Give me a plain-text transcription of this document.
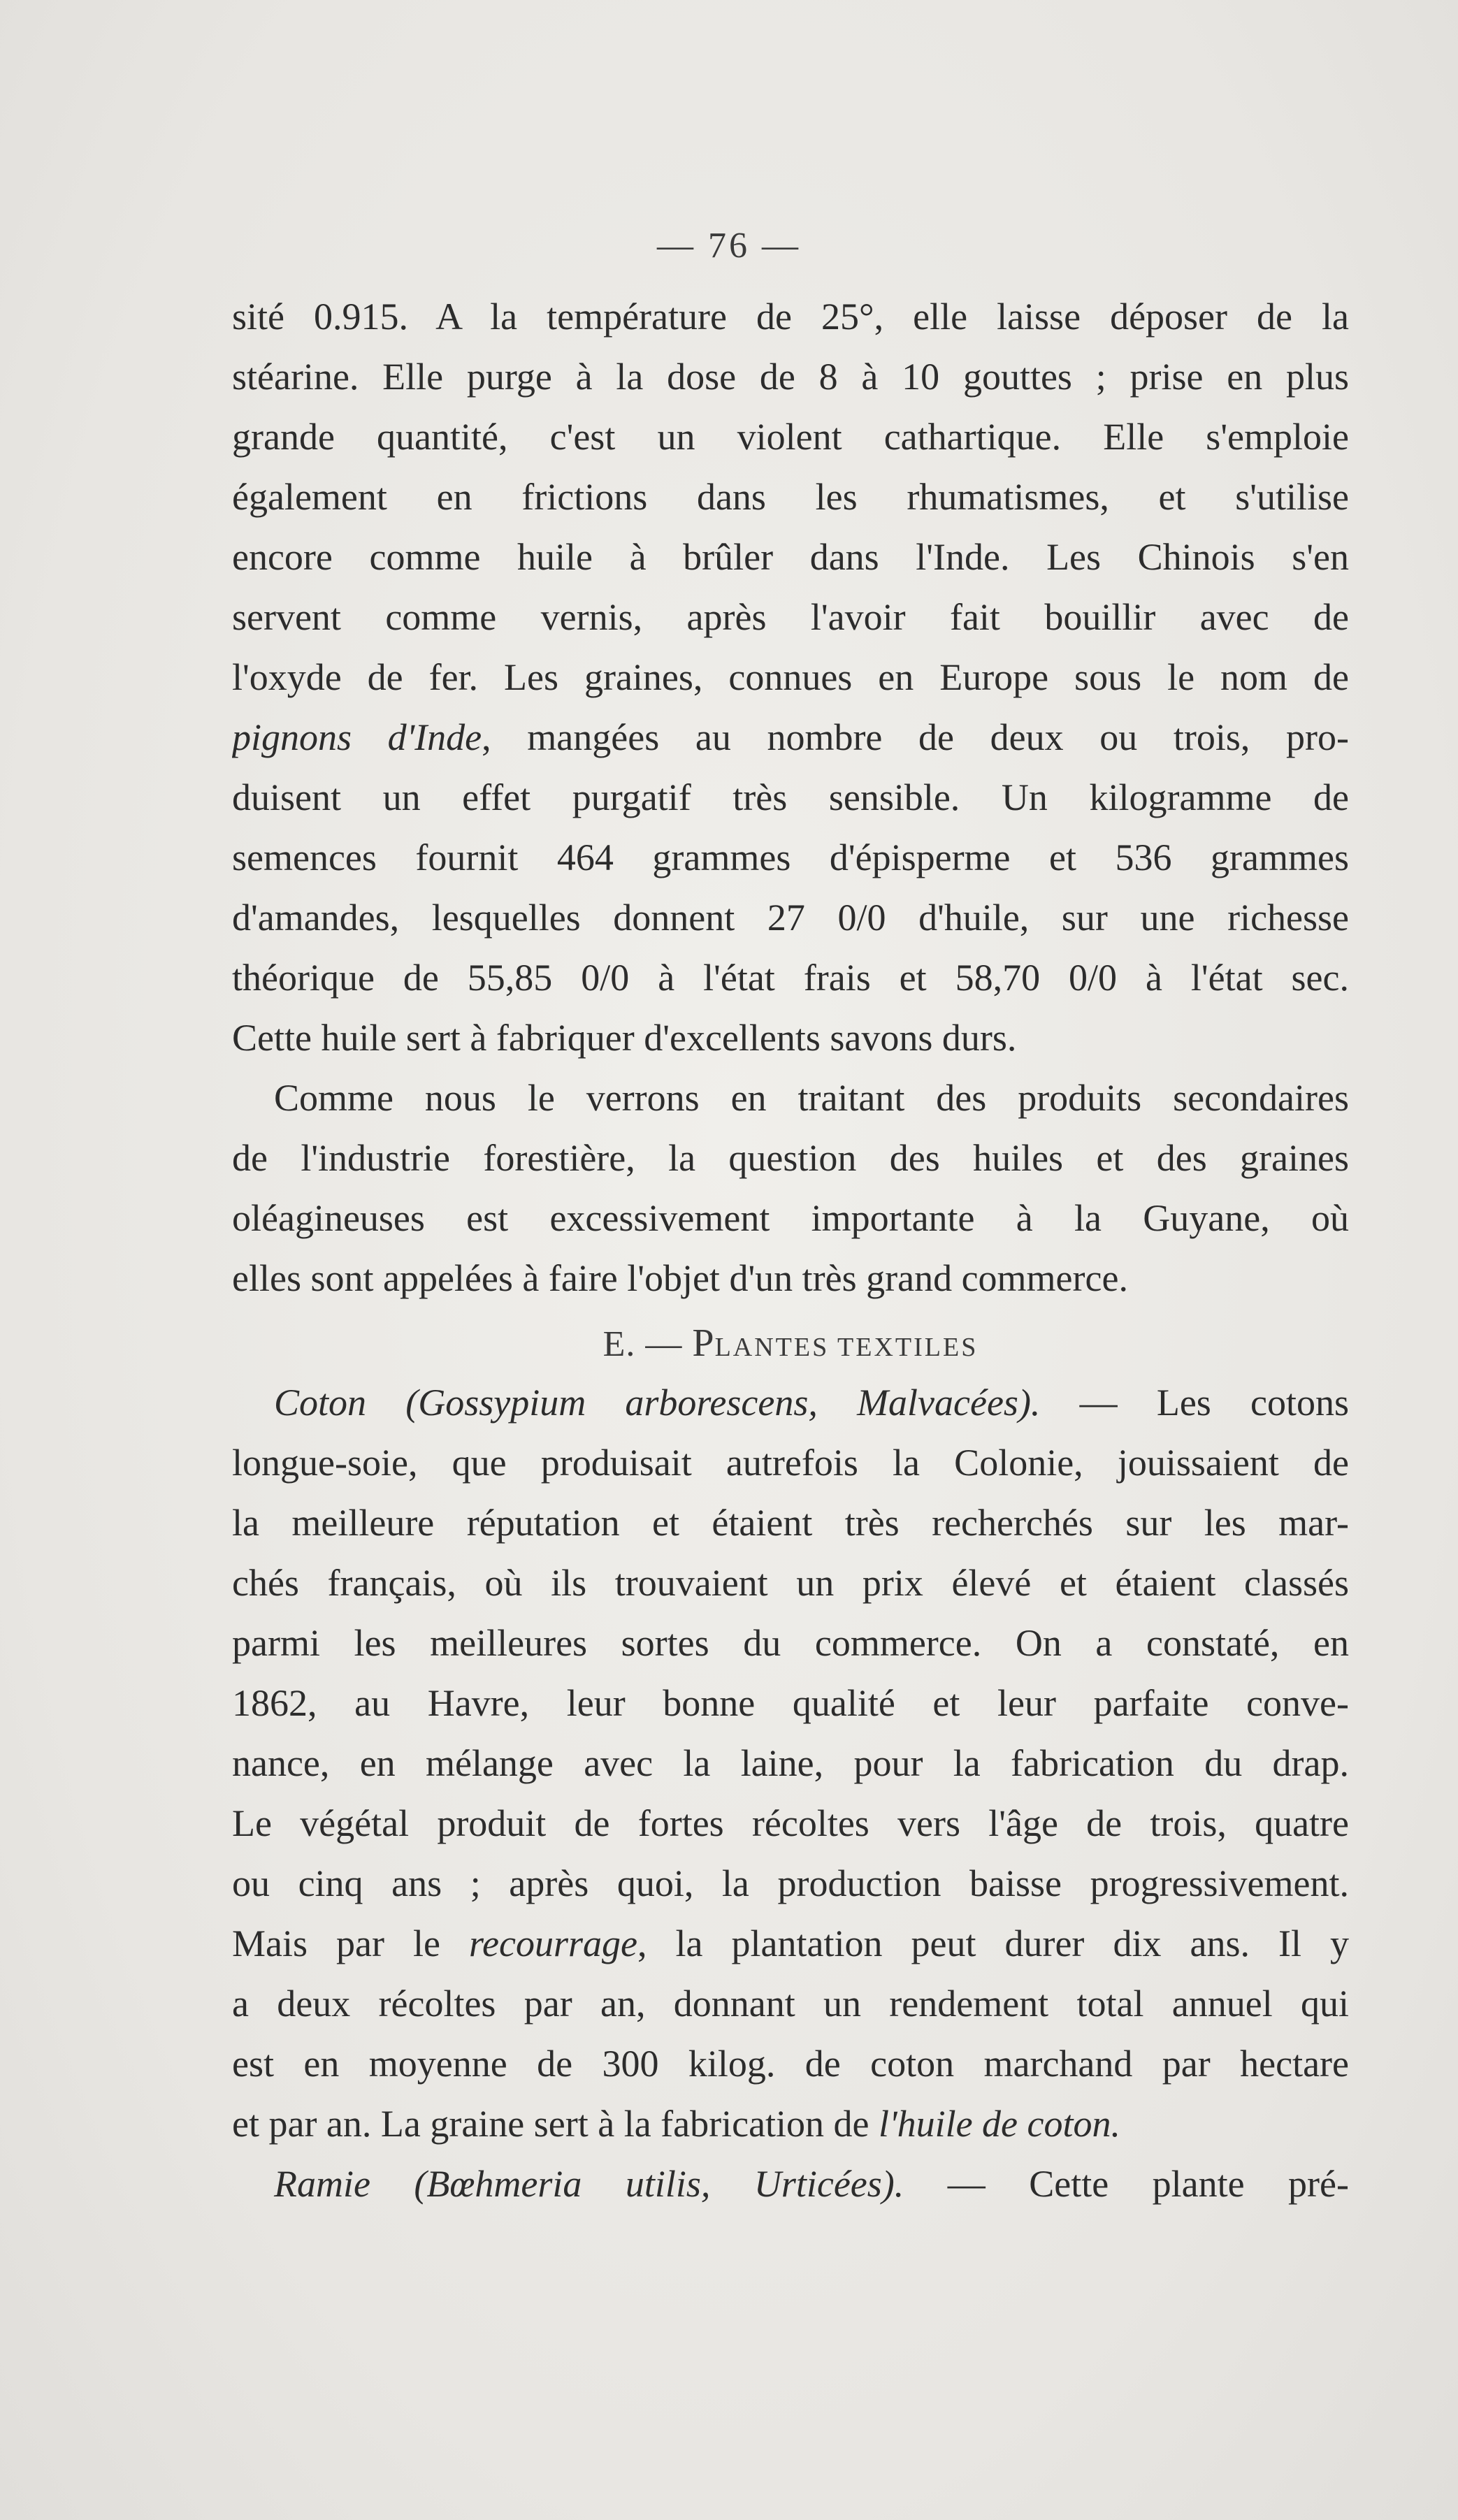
— 76 —
sité 0.915. A la température de 25°, elle laisse déposer de la
stéarine. Elle purge à la dose de 8 à 10 gouttes ; prise en plus
grande quantité, c'est un violent cathartique. Elle s'emploie
également en frictions dans les rhumatismes, et s'utilise
encore comme huile à brûler dans l'Inde. Les Chinois s'en
servent comme vernis, après l'avoir fait bouillir avec de
l'oxyde de fer. Les graines, connues en Europe sous le nom de
pignons d'Inde, mangées au nombre de deux ou trois, pro-
duisent un effet purgatif très sensible. Un kilogramme de
semences fournit 464 grammes d'épisperme et 536 grammes
d'amandes, lesquelles donnent 27 0/0 d'huile, sur une richesse
théorique de 55,85 0/0 à l'état frais et 58,70 0/0 à l'état sec.
Cette huile sert à fabriquer d'excellents savons durs.
Comme nous le verrons en traitant des produits secondaires
de l'industrie forestière, la question des huiles et des graines
oléagineuses est excessivement importante à la Guyane, où
elles sont appelées à faire l'objet d'un très grand commerce.
E. — PLANTES TEXTILES
Coton (Gossypium arborescens, Malvacées). — Les cotons
longue-soie, que produisait autrefois la Colonie, jouissaient de
la meilleure réputation et étaient très recherchés sur les mar-
chés français, où ils trouvaient un prix élevé et étaient classés
parmi les meilleures sortes du commerce. On a constaté, en
1862, au Havre, leur bonne qualité et leur parfaite conve-
nance, en mélange avec la laine, pour la fabrication du drap.
Le végétal produit de fortes récoltes vers l'âge de trois, quatre
ou cinq ans ; après quoi, la production baisse progressivement.
Mais par le recourrage, la plantation peut durer dix ans. Il y
a deux récoltes par an, donnant un rendement total annuel qui
est en moyenne de 300 kilog. de coton marchand par hectare
et par an. La graine sert à la fabrication de l'huile de coton.
Ramie (Bœhmeria utilis, Urticées). — Cette plante pré-
